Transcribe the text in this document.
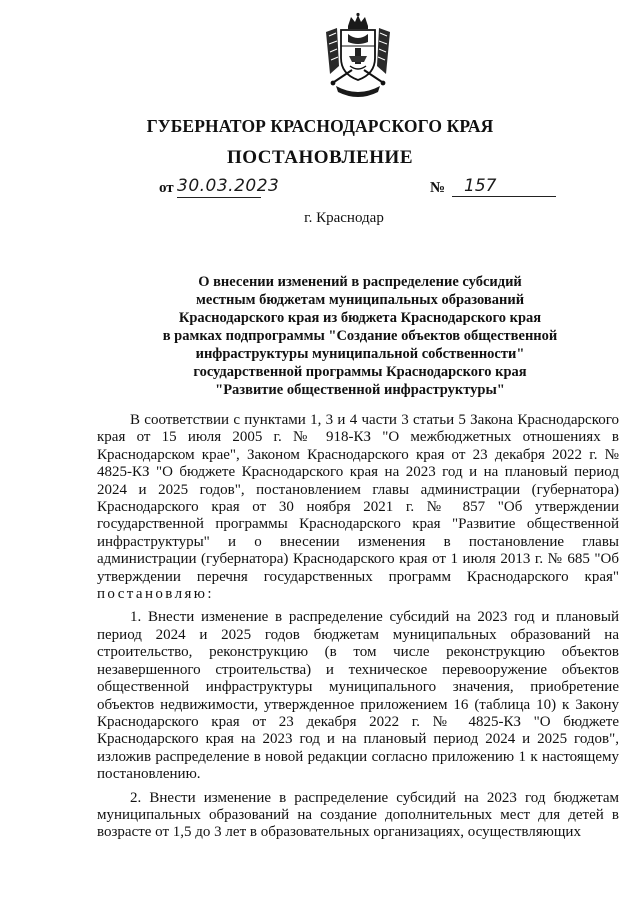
ГУБЕРНАТОР КРАСНОДАРСКОГО КРАЯ
ПОСТАНОВЛЕНИЕ
от 30.03.2023	№	157
г. Краснодар
О внесении изменений в распределение субсидий
местным бюджетам муниципальных образований
Краснодарского края из бюджета Краснодарского края
в рамках подпрограммы "Создание объектов общественной
инфраструктуры муниципальной собственности"
государственной программы Краснодарского края
"Развитие общественной инфраструктуры"

В соответствии с пунктами 1, 3 и 4 части 3 статьи 5 Закона Краснодарского края от 15 июля 2005 г. № 918-КЗ "О межбюджетных отношениях в Краснодарском крае", Законом Краснодарского края от 23 декабря 2022 г. № 4825-КЗ "О бюджете Краснодарского края на 2023 год и на плановый период 2024 и 2025 годов", постановлением главы администрации (губернатора) Краснодарского края от 30 ноября 2021 г. № 857 "Об утверждении государственной программы Краснодарского края "Развитие общественной инфраструктуры" и о внесении изменения в постановление главы администрации (губернатора) Краснодарского края от 1 июля 2013 г. № 685 "Об утверждении перечня государственных программ Краснодарского края" постановляю:

1. Внести изменение в распределение субсидий на 2023 год и плановый период 2024 и 2025 годов бюджетам муниципальных образований на строительство, реконструкцию (в том числе реконструкцию объектов незавершенного строительства) и техническое перевооружение объектов общественной инфраструктуры муниципального значения, приобретение объектов недвижимости, утвержденное приложением 16 (таблица 10) к Закону Краснодарского края от 23 декабря 2022 г. № 4825-КЗ "О бюджете Краснодарского края на 2023 год и на плановый период 2024 и 2025 годов", изложив распределение в новой редакции согласно приложению 1 к настоящему постановлению.

2. Внести изменение в распределение субсидий на 2023 год бюджетам муниципальных образований на создание дополнительных мест для детей в возрасте от 1,5 до 3 лет в образовательных организациях, осуществляющих
